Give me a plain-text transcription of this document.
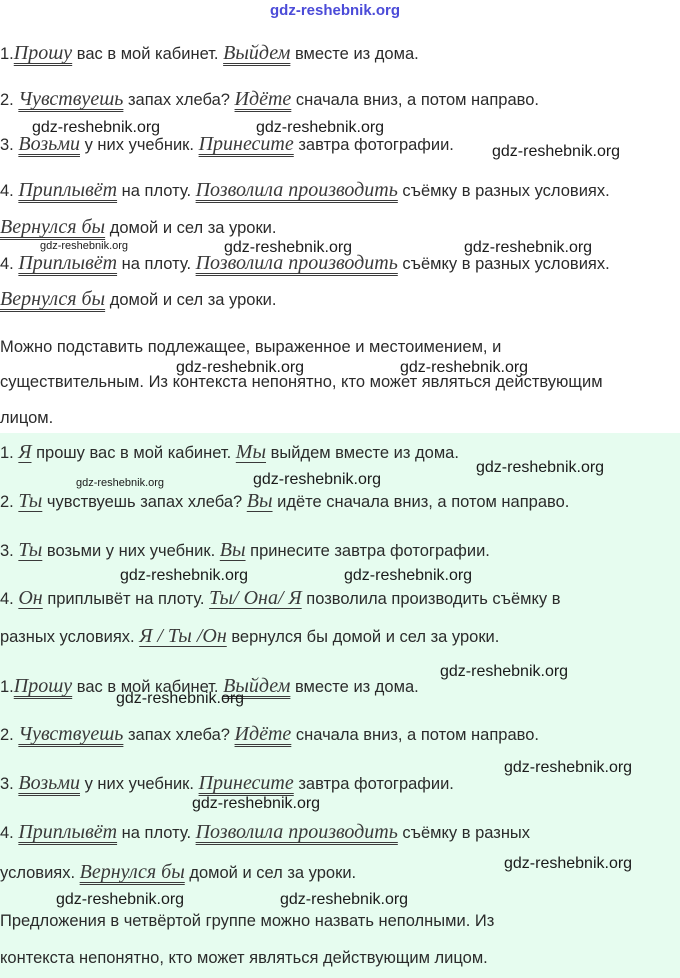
gdz-reshebnik.org
1.Прошу вас в мой кабинет. Выйдем вместе из дома.
2. Чувствуешь запах хлеба? Идёте сначала вниз, а потом направо.
3. Возьми у них учебник. Принесите завтра фотографии.
4. Приплывёт на плоту. Позволила производить съёмку в разных условиях.
Вернулся бы домой и сел за уроки.
4. Приплывёт на плоту. Позволила производить съёмку в разных условиях.
Вернулся бы домой и сел за уроки.
Можно подставить подлежащее, выраженное и местоимением, и
существительным. Из контекста непонятно, кто может являться действующим
лицом.
1. Я прошу вас в мой кабинет. Мы выйдем вместе из дома.
2. Ты чувствуешь запах хлеба? Вы идёте сначала вниз, а потом направо.
3. Ты возьми у них учебник. Вы принесите завтра фотографии.
4. Он приплывёт на плоту. Ты/ Она/ Я позволила производить съёмку в
разных условиях. Я / Ты /Он вернулся бы домой и сел за уроки.
1.Прошу вас в мой кабинет. Выйдем вместе из дома.
2. Чувствуешь запах хлеба? Идёте сначала вниз, а потом направо.
3. Возьми у них учебник. Принесите завтра фотографии.
4. Приплывёт на плоту. Позволила производить съёмку в разных
условиях. Вернулся бы домой и сел за уроки.
Предложения в четвёртой группе можно назвать неполными. Из
контекста непонятно, кто может являться действующим лицом.
gdz-reshebnik.org	gdz-reshebnik.org
gdz-reshebnik.org
gdz-reshebnik.org	gdz-reshebnik.org	gdz-reshebnik.org
gdz-reshebnik.org	gdz-reshebnik.org
gdz-reshebnik.org
gdz-reshebnik.org	gdz-reshebnik.org
gdz-reshebnik.org	gdz-reshebnik.org
gdz-reshebnik.org
gdz-reshebnik.org
gdz-reshebnik.org
gdz-reshebnik.org
gdz-reshebnik.org
gdz-reshebnik.org	gdz-reshebnik.org
